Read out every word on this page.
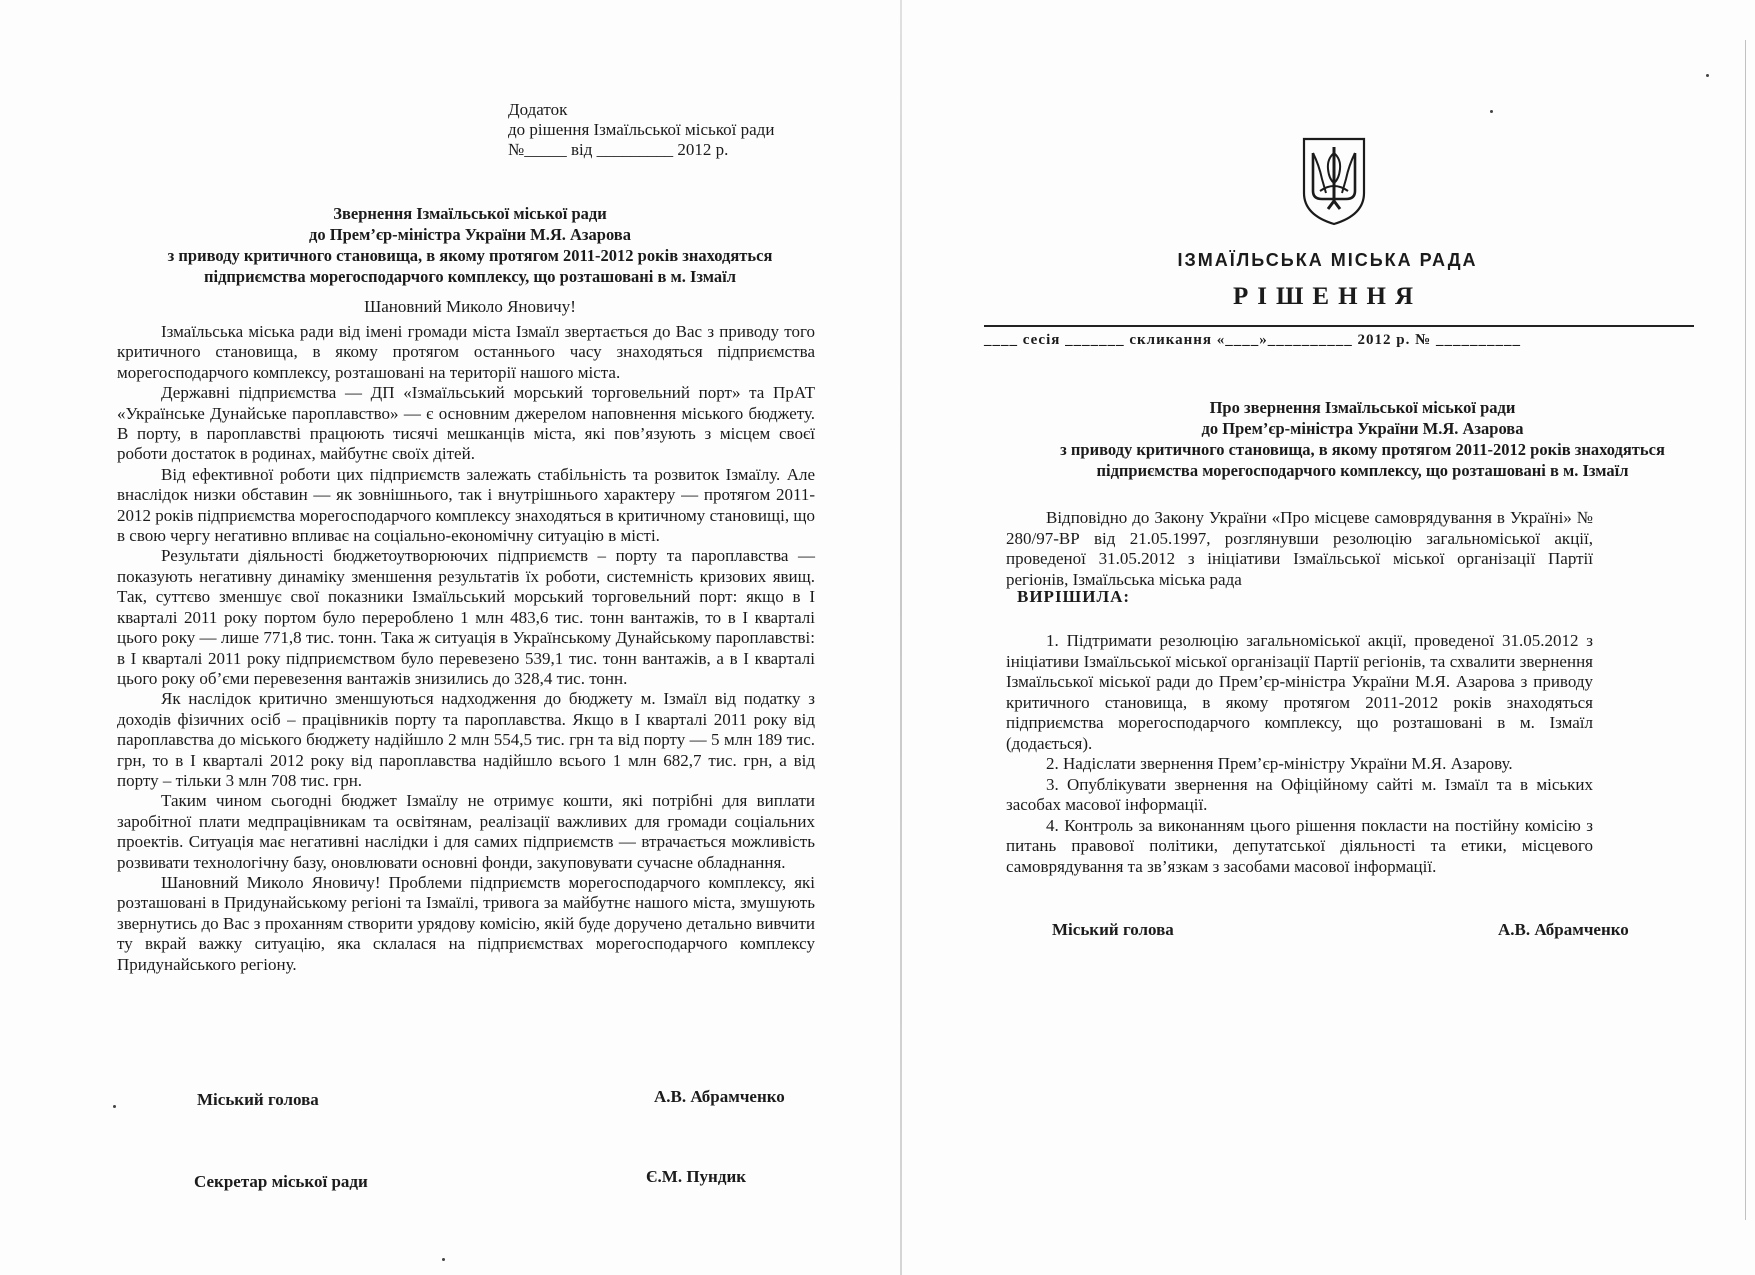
Додаток
до рішення Ізмаїльської міської ради
№_____ від _________ 2012 р.
Звернення Ізмаїльської міської ради
до Прем’єр-міністра України М.Я. Азарова
з приводу критичного становища, в якому протягом 2011-2012 років знаходяться
підприємства морегосподарчого комплексу, що розташовані в м. Ізмаїл
Шановний Миколо Яновичу!

Ізмаїльська міська ради від імені громади міста Ізмаїл звертається до Вас з приводу того критичного становища, в якому протягом останнього часу знаходяться підприємства морегосподарчого комплексу, розташовані на території нашого міста.

Державні підприємства — ДП «Ізмаїльський морський торговельний порт» та ПрАТ «Українське Дунайське пароплавство» — є основним джерелом наповнення міського бюджету. В порту, в пароплавстві працюють тисячі мешканців міста, які пов’язують з місцем своєї роботи достаток в родинах, майбутнє своїх дітей.

Від ефективної роботи цих підприємств залежать стабільність та розвиток Ізмаїлу. Але внаслідок низки обставин — як зовнішнього, так і внутрішнього характеру — протягом 2011-2012 років підприємства морегосподарчого комплексу знаходяться в критичному становищі, що в свою чергу негативно впливає на соціально-економічну ситуацію в місті.

Результати діяльності бюджетоутворюючих підприємств – порту та пароплавства — показують негативну динаміку зменшення результатів їх роботи, системність кризових явищ. Так, суттєво зменшує свої показники Ізмаїльський морський торговельний порт: якщо в І кварталі 2011 року портом було перероблено 1 млн 483,6 тис. тонн вантажів, то в І кварталі цього року — лише 771,8 тис. тонн. Така ж ситуація в Українському Дунайському пароплавстві: в І кварталі 2011 року підприємством було перевезено 539,1 тис. тонн вантажів, а в І кварталі цього року об’єми перевезення вантажів знизились до 328,4 тис. тонн.

Як наслідок критично зменшуються надходження до бюджету м. Ізмаїл від податку з доходів фізичних осіб – працівників порту та пароплавства. Якщо в І кварталі 2011 року від пароплавства до міського бюджету надійшло 2 млн 554,5 тис. грн та від порту — 5 млн 189 тис. грн, то в І кварталі 2012 року від пароплавства надійшло всього 1 млн 682,7 тис. грн, а від порту – тільки 3 млн 708 тис. грн.

Таким чином сьогодні бюджет Ізмаїлу не отримує кошти, які потрібні для виплати заробітної плати медпрацівникам та освітянам, реалізації важливих для громади соціальних проектів. Ситуація має негативні наслідки і для самих підприємств — втрачається можливість розвивати технологічну базу, оновлювати основні фонди, закуповувати сучасне обладнання.

Шановний Миколо Яновичу! Проблеми підприємств морегосподарчого комплексу, які розташовані в Придунайському регіоні та Ізмаїлі, тривога за майбутнє нашого міста, змушують звернутись до Вас з проханням створити урядову комісію, якій буде доручено детально вивчити ту вкрай важку ситуацію, яка склалася на підприємствах морегосподарчого комплексу Придунайського регіону.

Міський голова	А.В. Абрамченко
Секретар міської ради	Є.М. Пундик
ІЗМАЇЛЬСЬКА МІСЬКА РАДА
РІШЕННЯ
____ сесія _______ скликання «____»__________ 2012 р. № __________
Про звернення Ізмаїльської міської ради
до Прем’єр-міністра України М.Я. Азарова
з приводу критичного становища, в якому протягом 2011-2012 років знаходяться
підприємства морегосподарчого комплексу, що розташовані в м. Ізмаїл

Відповідно до Закону України «Про місцеве самоврядування в Україні» № 280/97-ВР від 21.05.1997, розглянувши резолюцію загальноміської акції, проведеної 31.05.2012 з ініціативи Ізмаїльської міської організації Партії регіонів, Ізмаїльська міська рада

ВИРІШИЛА:

1. Підтримати резолюцію загальноміської акції, проведеної 31.05.2012 з ініціативи Ізмаїльської міської організації Партії регіонів, та схвалити звернення Ізмаїльської міської ради до Прем’єр-міністра України М.Я. Азарова з приводу критичного становища, в якому протягом 2011-2012 років знаходяться підприємства морегосподарчого комплексу, що розташовані в м. Ізмаїл (додається).

2. Надіслати звернення Прем’єр-міністру України М.Я. Азарову.

3. Опублікувати звернення на Офіційному сайті м. Ізмаїл та в міських засобах масової інформації.

4. Контроль за виконанням цього рішення покласти на постійну комісію з питань правової політики, депутатської діяльності та етики, місцевого самоврядування та зв’язкам з засобами масової інформації.

Міський голова	А.В. Абрамченко
